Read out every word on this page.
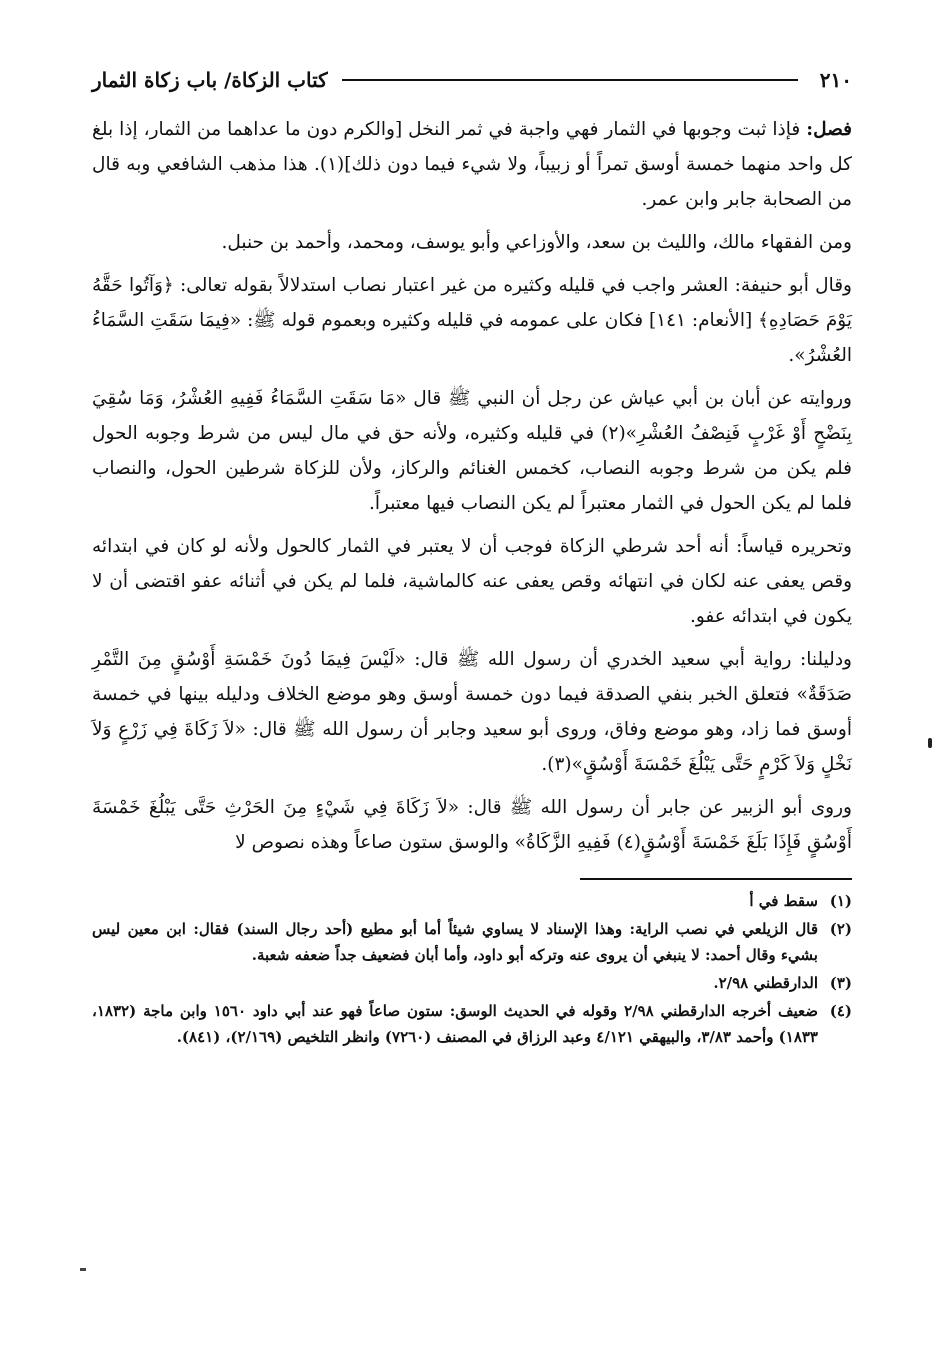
٢١٠
كتاب الزكاة/ باب زكاة الثمار

فصل: فإذا ثبت وجوبها في الثمار فهي واجبة في ثمر النخل [والكرم دون ما عداهما من الثمار، إذا بلغ كل واحد منهما خمسة أوسق تمراً أو زبيباً، ولا شيء فيما دون ذلك](١). هذا مذهب الشافعي وبه قال من الصحابة جابر وابن عمر.

ومن الفقهاء مالك، والليث بن سعد، والأوزاعي وأبو يوسف، ومحمد، وأحمد بن حنبل.

وقال أبو حنيفة: العشر واجب في قليله وكثيره من غير اعتبار نصاب استدلالاً بقوله تعالى: ﴿وَآتُوا حَقَّهُ يَوْمَ حَصَادِهِ﴾ [الأنعام: ١٤١] فكان على عمومه في قليله وكثيره وبعموم قوله ﷺ: «فِيمَا سَقَتِ السَّمَاءُ العُشْرُ».

وروايته عن أبان بن أبي عياش عن رجل أن النبي ﷺ قال «مَا سَقَتِ السَّمَاءُ فَفِيهِ العُشْرُ، وَمَا سُقِيَ بِنَضْحٍ أَوْ غَرْبٍ فَنِصْفُ العُشْرِ»(٢) في قليله وكثيره، ولأنه حق في مال ليس من شرط وجوبه الحول فلم يكن من شرط وجوبه النصاب، كخمس الغنائم والركاز، ولأن للزكاة شرطين الحول، والنصاب فلما لم يكن الحول في الثمار معتبراً لم يكن النصاب فيها معتبراً.

وتحريره قياساً: أنه أحد شرطي الزكاة فوجب أن لا يعتبر في الثمار كالحول ولأنه لو كان في ابتدائه وقص يعفى عنه لكان في انتهائه وقص يعفى عنه كالماشية، فلما لم يكن في أثنائه عفو اقتضى أن لا يكون في ابتدائه عفو.

ودليلنا: رواية أبي سعيد الخدري أن رسول الله ﷺ قال: «لَيْسَ فِيمَا دُونَ خَمْسَةِ أَوْسُقٍ مِنَ التَّمْرِ صَدَقَةٌ» فتعلق الخبر بنفي الصدقة فيما دون خمسة أوسق وهو موضع الخلاف ودليله بينها في خمسة أوسق فما زاد، وهو موضع وفاق، وروى أبو سعيد وجابر أن رسول الله ﷺ قال: «لاَ زَكَاةَ فِي زَرْعٍ وَلاَ نَخْلٍ وَلاَ كَرْمٍ حَتَّى يَبْلُغَ خَمْسَةَ أَوْسُقٍ»(٣).

وروى أبو الزبير عن جابر أن رسول الله ﷺ قال: «لاَ زَكَاةَ فِي شَيْءٍ مِنَ الحَرْثِ حَتَّى يَبْلُغَ خَمْسَةَ أَوْسُقٍ فَإِذَا بَلَغَ خَمْسَةَ أَوْسُقٍ(٤) فَفِيهِ الزَّكَاةُ» والوسق ستون صاعاً وهذه نصوص لا

(١)
سقط في أ
(٢)
قال الزيلعي في نصب الراية: وهذا الإسناد لا يساوي شيئاً أما أبو مطيع (أحد رجال السند) فقال: ابن معين ليس بشيء وقال أحمد: لا ينبغي أن يروى عنه وتركه أبو داود، وأما أبان فضعيف جداً ضعفه شعبة.
(٣)
الدارقطني ٢/٩٨.
(٤)
ضعيف أخرجه الدارقطني ٢/٩٨ وقوله في الحديث الوسق: ستون صاعاً فهو عند أبي داود ١٥٦٠ وابن ماجة (١٨٣٢، ١٨٣٣) وأحمد ٣/٨٣، والبيهقي ٤/١٢١ وعبد الرزاق في المصنف (٧٢٦٠) وانظر التلخيص (٢/١٦٩)، (٨٤١).
